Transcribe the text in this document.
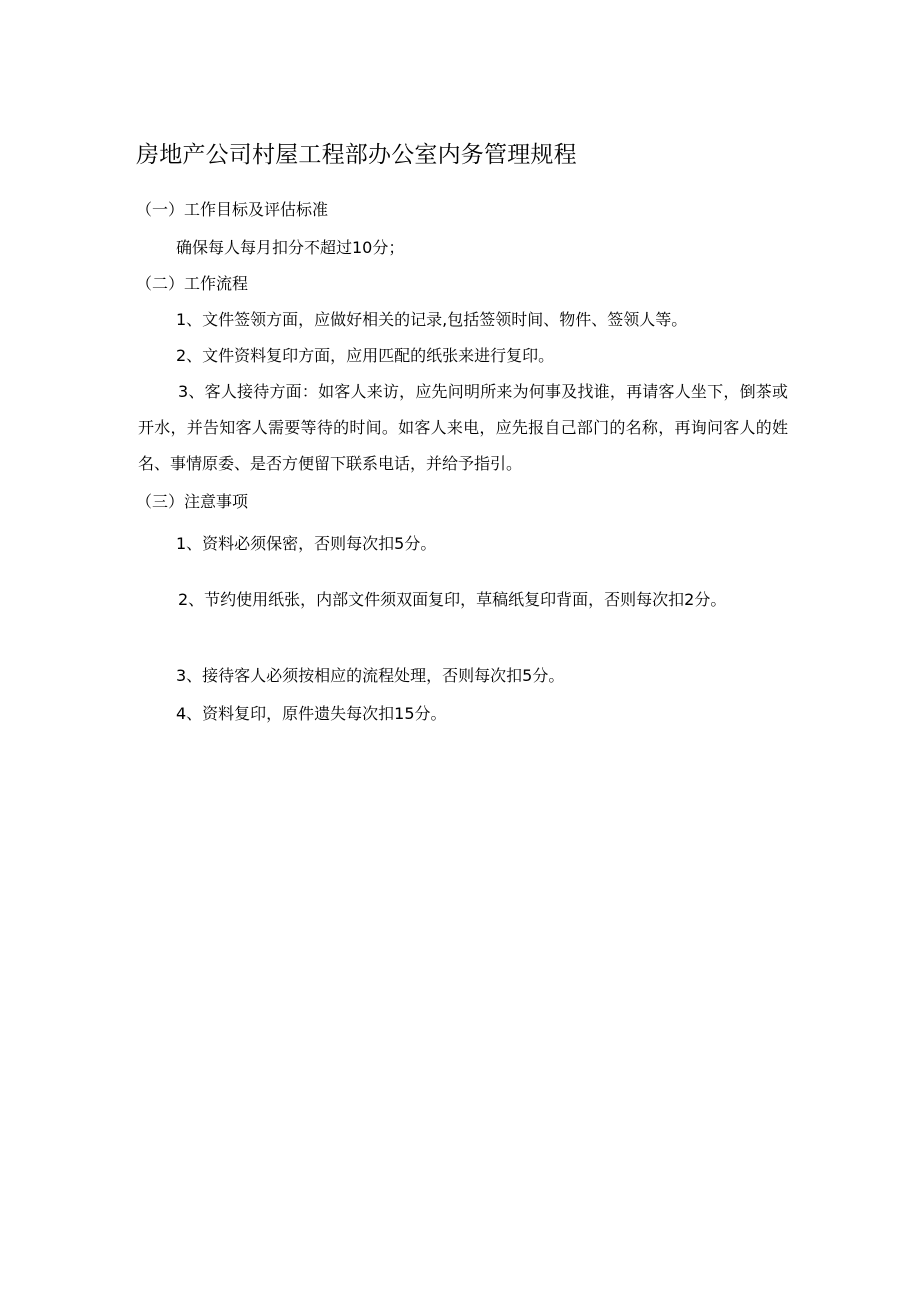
房地产公司村屋工程部办公室内务管理规程
（一）工作目标及评估标准
确保每人每月扣分不超过10分；
（二）工作流程
1、文件签领方面，应做好相关的记录,包括签领时间、物件、签领人等。
2、文件资料复印方面，应用匹配的纸张来进行复印。
3、客人接待方面：如客人来访，应先问明所来为何事及找谁，再请客人坐下，倒茶或开水，并告知客人需要等待的时间。如客人来电，应先报自己部门的名称，再询问客人的姓名、事情原委、是否方便留下联系电话，并给予指引。
（三）注意事项
1、资料必须保密，否则每次扣5分。
2、节约使用纸张，内部文件须双面复印，草稿纸复印背面，否则每次扣2分。
3、接待客人必须按相应的流程处理，否则每次扣5分。
4、资料复印，原件遗失每次扣15分。
